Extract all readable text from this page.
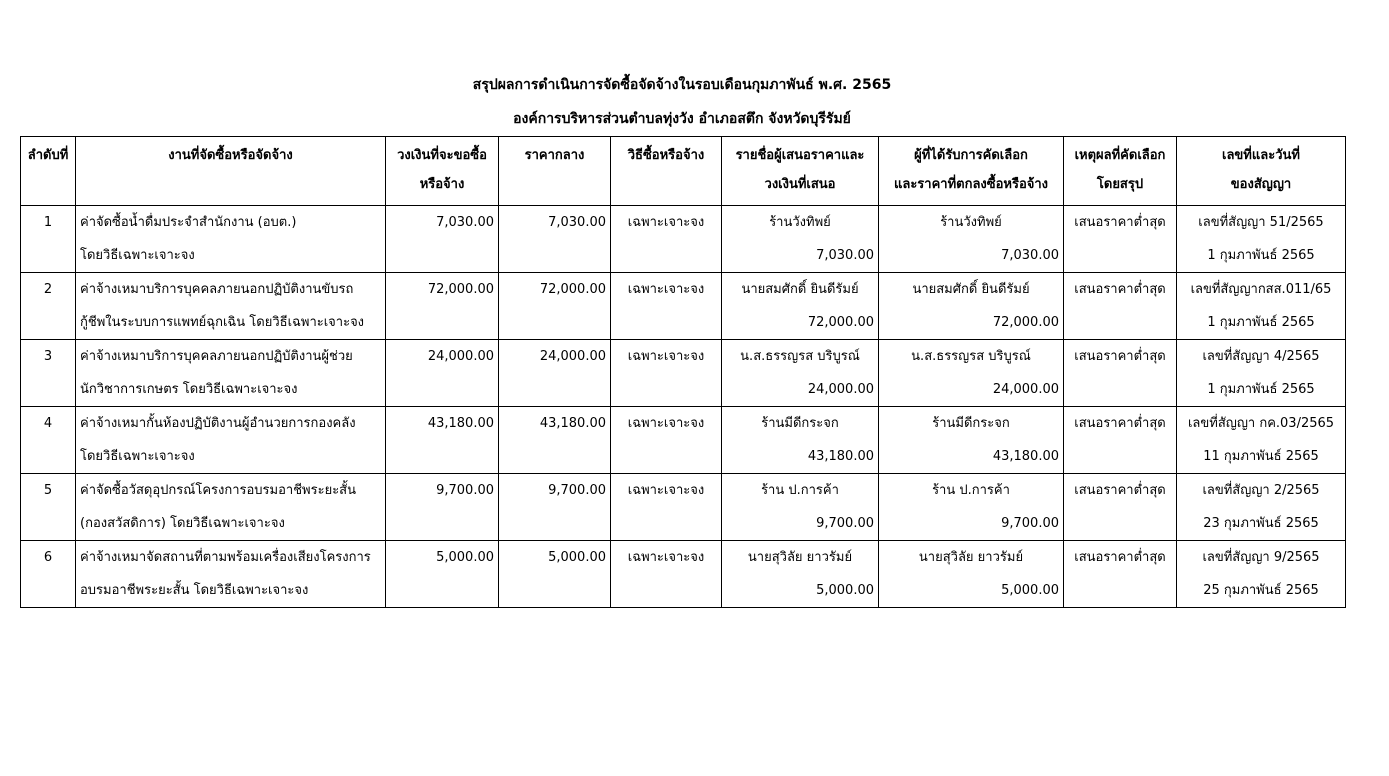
สรุปผลการดำเนินการจัดซื้อจัดจ้างในรอบเดือนกุมภาพันธ์ พ.ศ. 2565
องค์การบริหารส่วนตำบลทุ่งวัง อำเภอสตึก จังหวัดบุรีรัมย์
ลำดับที่	งานที่จัดซื้อหรือจัดจ้าง	วงเงินที่จะขอซื้อ
หรือจ้าง	ราคากลาง	วิธีซื้อหรือจ้าง	รายชื่อผู้เสนอราคาและ
วงเงินที่เสนอ	ผู้ที่ได้รับการคัดเลือก
และราคาที่ตกลงซื้อหรือจ้าง	เหตุผลที่คัดเลือก
โดยสรุป	เลขที่และวันที่
ของสัญญา

1	ค่าจัดซื้อน้ำดื่มประจำสำนักงาน (อบต.)
โดยวิธีเฉพาะเจาะจง	7,030.00	7,030.00	เฉพาะเจาะจง	ร้านวังทิพย์
7,030.00	ร้านวังทิพย์
7,030.00	เสนอราคาต่ำสุด	เลขที่สัญญา 51/2565
1 กุมภาพันธ์ 2565

2	ค่าจ้างเหมาบริการบุคคลภายนอกปฏิบัติงานขับรถ
กู้ชีพในระบบการแพทย์ฉุกเฉิน โดยวิธีเฉพาะเจาะจง	72,000.00	72,000.00	เฉพาะเจาะจง	นายสมศักดิ์ ยินดีรัมย์
72,000.00	นายสมศักดิ์ ยินดีรัมย์
72,000.00	เสนอราคาต่ำสุด	เลขที่สัญญากสส.011/65
1 กุมภาพันธ์ 2565

3	ค่าจ้างเหมาบริการบุคคลภายนอกปฏิบัติงานผู้ช่วย
นักวิชาการเกษตร โดยวิธีเฉพาะเจาะจง	24,000.00	24,000.00	เฉพาะเจาะจง	น.ส.ธรรญรส บริบูรณ์
24,000.00	น.ส.ธรรญรส บริบูรณ์
24,000.00	เสนอราคาต่ำสุด	เลขที่สัญญา 4/2565
1 กุมภาพันธ์ 2565

4	ค่าจ้างเหมากั้นห้องปฏิบัติงานผู้อำนวยการกองคลัง
โดยวิธีเฉพาะเจาะจง	43,180.00	43,180.00	เฉพาะเจาะจง	ร้านมีดีกระจก
43,180.00	ร้านมีดีกระจก
43,180.00	เสนอราคาต่ำสุด	เลขที่สัญญา กค.03/2565
11 กุมภาพันธ์ 2565

5	ค่าจัดซื้อวัสดุอุปกรณ์โครงการอบรมอาชีพระยะสั้น
(กองสวัสดิการ) โดยวิธีเฉพาะเจาะจง	9,700.00	9,700.00	เฉพาะเจาะจง	ร้าน ป.การค้า
9,700.00	ร้าน ป.การค้า
9,700.00	เสนอราคาต่ำสุด	เลขที่สัญญา 2/2565
23 กุมภาพันธ์ 2565

6	ค่าจ้างเหมาจัดสถานที่ตามพร้อมเครื่องเสียงโครงการ
อบรมอาชีพระยะสั้น โดยวิธีเฉพาะเจาะจง	5,000.00	5,000.00	เฉพาะเจาะจง	นายสุวิลัย ยาวรัมย์
5,000.00	นายสุวิลัย ยาวรัมย์
5,000.00	เสนอราคาต่ำสุด	เลขที่สัญญา 9/2565
25 กุมภาพันธ์ 2565
